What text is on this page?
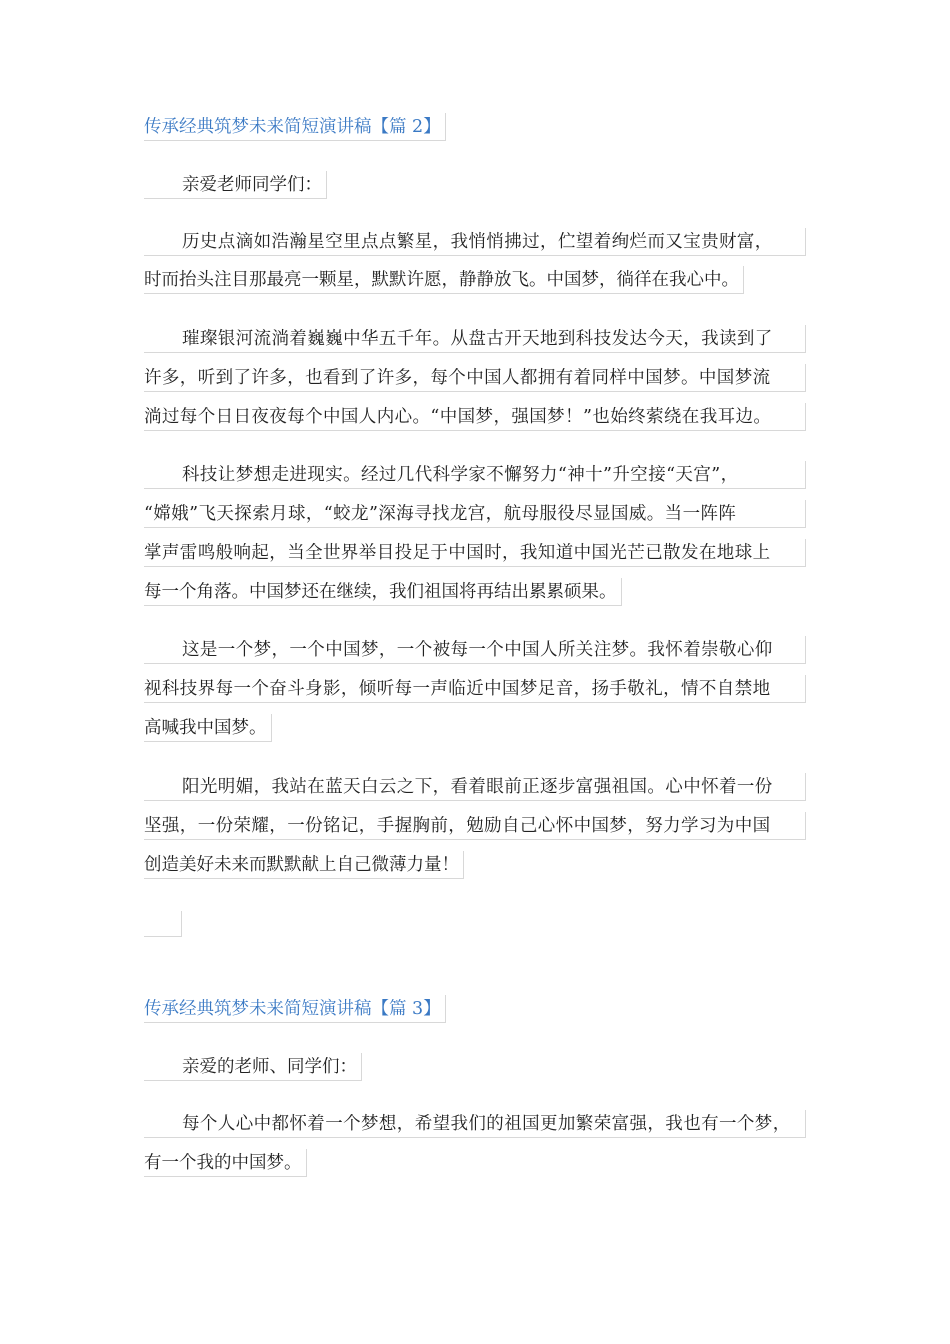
传承经典筑梦未来简短演讲稿【篇 2】
亲爱老师同学们：
历史点滴如浩瀚星空里点点繁星，我悄悄拂过，伫望着绚烂而又宝贵财富，
时而抬头注目那最亮一颗星，默默许愿，静静放飞。中国梦，徜徉在我心中。
璀璨银河流淌着巍巍中华五千年。从盘古开天地到科技发达今天，我读到了
许多，听到了许多，也看到了许多，每个中国人都拥有着同样中国梦。中国梦流
淌过每个日日夜夜每个中国人内心。“中国梦，强国梦！”也始终萦绕在我耳边。
科技让梦想走进现实。经过几代科学家不懈努力“神十”升空接“天宫”，
“嫦娥”飞天探索月球，“蛟龙”深海寻找龙宫，航母服役尽显国威。当一阵阵
掌声雷鸣般响起，当全世界举目投足于中国时，我知道中国光芒已散发在地球上
每一个角落。中国梦还在继续，我们祖国将再结出累累硕果。
这是一个梦，一个中国梦，一个被每一个中国人所关注梦。我怀着崇敬心仰
视科技界每一个奋斗身影，倾听每一声临近中国梦足音，扬手敬礼，情不自禁地
高喊我中国梦。
阳光明媚，我站在蓝天白云之下，看着眼前正逐步富强祖国。心中怀着一份
坚强，一份荣耀，一份铭记，手握胸前，勉励自己心怀中国梦，努力学习为中国
创造美好未来而默默献上自己微薄力量！
传承经典筑梦未来简短演讲稿【篇 3】
亲爱的老师、同学们：
每个人心中都怀着一个梦想，希望我们的祖国更加繁荣富强，我也有一个梦，
有一个我的中国梦。
